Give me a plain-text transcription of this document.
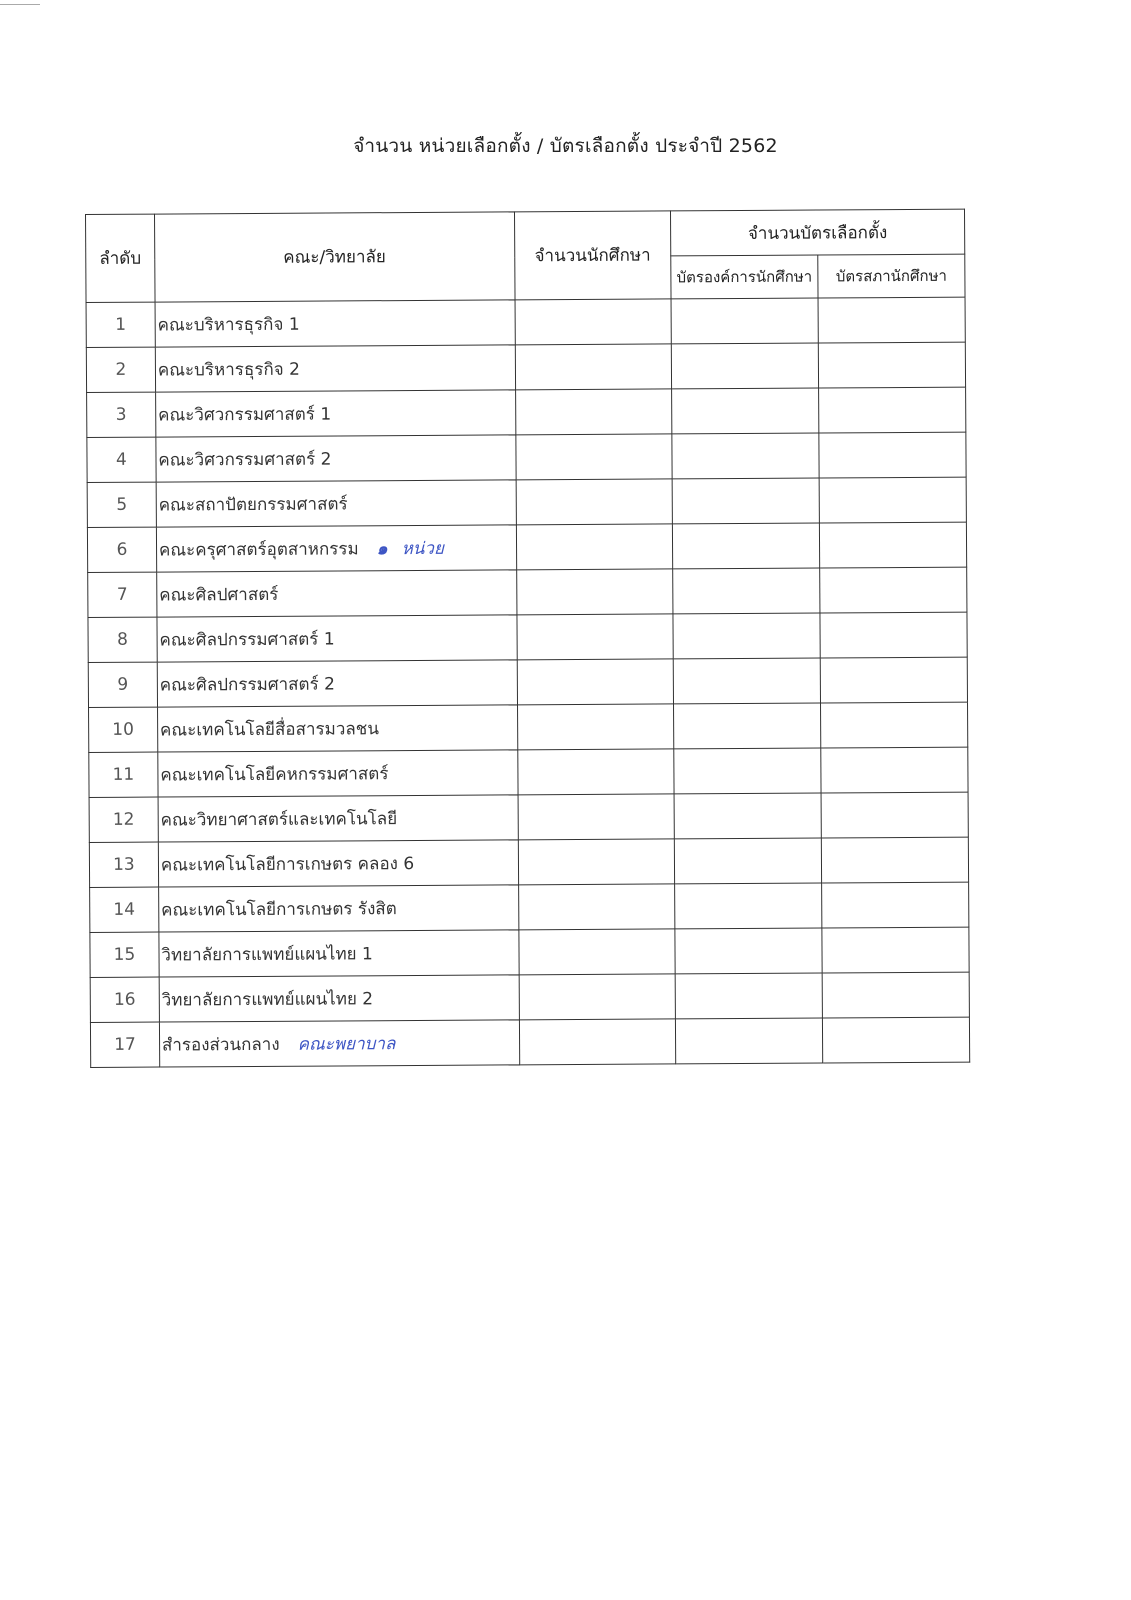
จำนวน หน่วยเลือกตั้ง / บัตรเลือกตั้ง ประจำปี 2562
ลำดับ	คณะ/วิทยาลัย	จำนวนนักศึกษา	จำนวนบัตรเลือกตั้ง	
			บัตรองค์การนักศึกษา	บัตรสภานักศึกษา
1	คณะบริหารธุรกิจ 1			
2	คณะบริหารธุรกิจ 2			
3	คณะวิศวกรรมศาสตร์ 1			
4	คณะวิศวกรรมศาสตร์ 2			
5	คณะสถาปัตยกรรมศาสตร์			
6	คณะครุศาสตร์อุตสาหกรรม ๑ หน่วย			
7	คณะศิลปศาสตร์			
8	คณะศิลปกรรมศาสตร์ 1			
9	คณะศิลปกรรมศาสตร์ 2			
10	คณะเทคโนโลยีสื่อสารมวลชน			
11	คณะเทคโนโลยีคหกรรมศาสตร์			
12	คณะวิทยาศาสตร์และเทคโนโลยี			
13	คณะเทคโนโลยีการเกษตร คลอง 6			
14	คณะเทคโนโลยีการเกษตร รังสิต			
15	วิทยาลัยการแพทย์แผนไทย 1			
16	วิทยาลัยการแพทย์แผนไทย 2			
17	สำรองส่วนกลาง คณะพยาบาล			
